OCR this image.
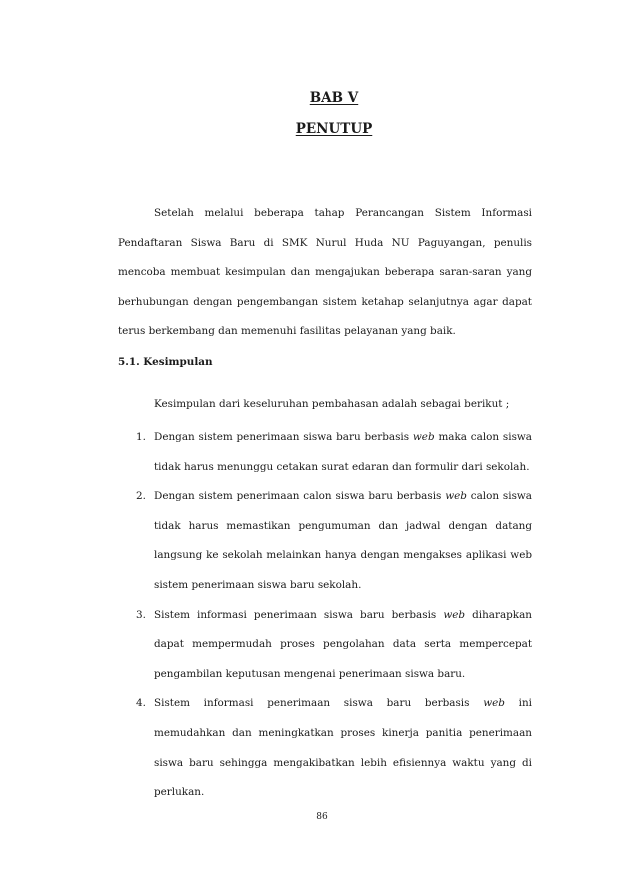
BAB V
PENUTUP

Setelah melalui beberapa tahap Perancangan Sistem Informasi Pendaftaran Siswa Baru di SMK Nurul Huda NU Paguyangan, penulis mencoba membuat kesimpulan dan mengajukan beberapa saran-saran yang berhubungan dengan pengembangan sistem ketahap selanjutnya agar dapat terus berkembang dan memenuhi fasilitas pelayanan yang baik.

5.1. Kesimpulan

Kesimpulan dari keseluruhan pembahasan adalah sebagai berikut ;

1. Dengan sistem penerimaan siswa baru berbasis web maka calon siswa tidak harus menunggu cetakan surat edaran dan formulir dari sekolah.
2. Dengan sistem penerimaan calon siswa baru berbasis web calon siswa tidak harus memastikan pengumuman dan jadwal dengan datang langsung ke sekolah melainkan hanya dengan mengakses aplikasi web sistem penerimaan siswa baru sekolah.
3. Sistem informasi penerimaan siswa baru berbasis web diharapkan dapat mempermudah proses pengolahan data serta mempercepat pengambilan keputusan mengenai penerimaan siswa baru.
4. Sistem informasi penerimaan siswa baru berbasis web ini memudahkan dan meningkatkan proses kinerja panitia penerimaan siswa baru sehingga mengakibatkan lebih efisiennya waktu yang di perlukan.
86
